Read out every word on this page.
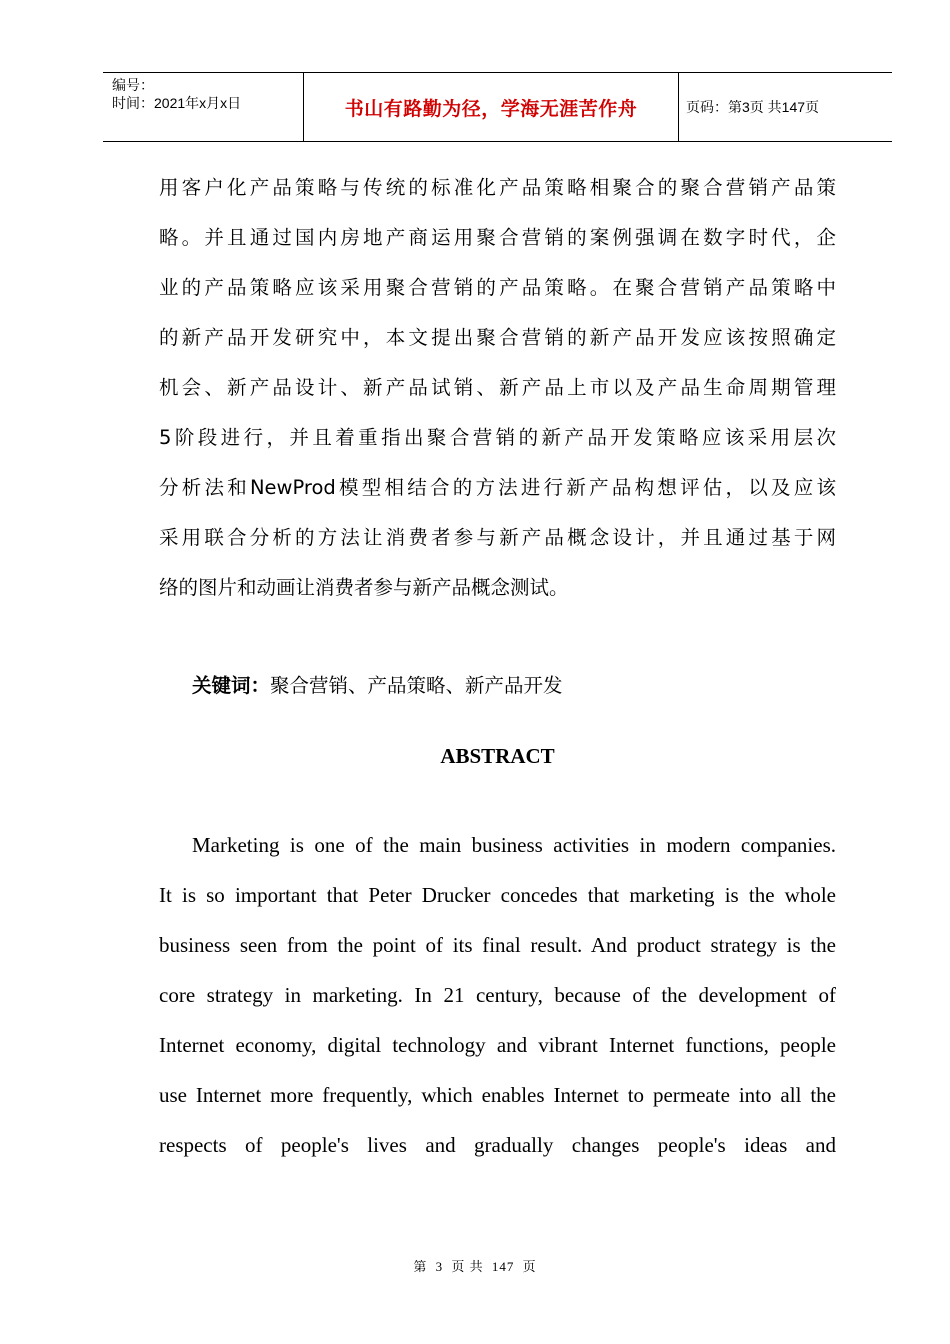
编号：
时间：2021年x月x日	书山有路勤为径，学海无涯苦作舟	页码：第3页 共147页
用客户化产品策略与传统的标准化产品策略相聚合的聚合营销产品策
略。并且通过国内房地产商运用聚合营销的案例强调在数字时代，企
业的产品策略应该采用聚合营销的产品策略。在聚合营销产品策略中
的新产品开发研究中，本文提出聚合营销的新产品开发应该按照确定
机会、新产品设计、新产品试销、新产品上市以及产品生命周期管理
5阶段进行，并且着重指出聚合营销的新产品开发策略应该采用层次
分析法和NewProd模型相结合的方法进行新产品构想评估，以及应该
采用联合分析的方法让消费者参与新产品概念设计，并且通过基于网
络的图片和动画让消费者参与新产品概念测试。
关键词：聚合营销、产品策略、新产品开发
ABSTRACT
Marketing is one of the main business activities in modern companies.
It is so important that Peter Drucker concedes that marketing is the whole
business seen from the point of its final result. And product strategy is the
core strategy in marketing. In 21 century, because of the development of
Internet economy, digital technology and vibrant Internet functions, people
use Internet more frequently, which enables Internet to permeate into all the
respects of people's lives and gradually changes people's ideas and
第 3 页 共 147 页
